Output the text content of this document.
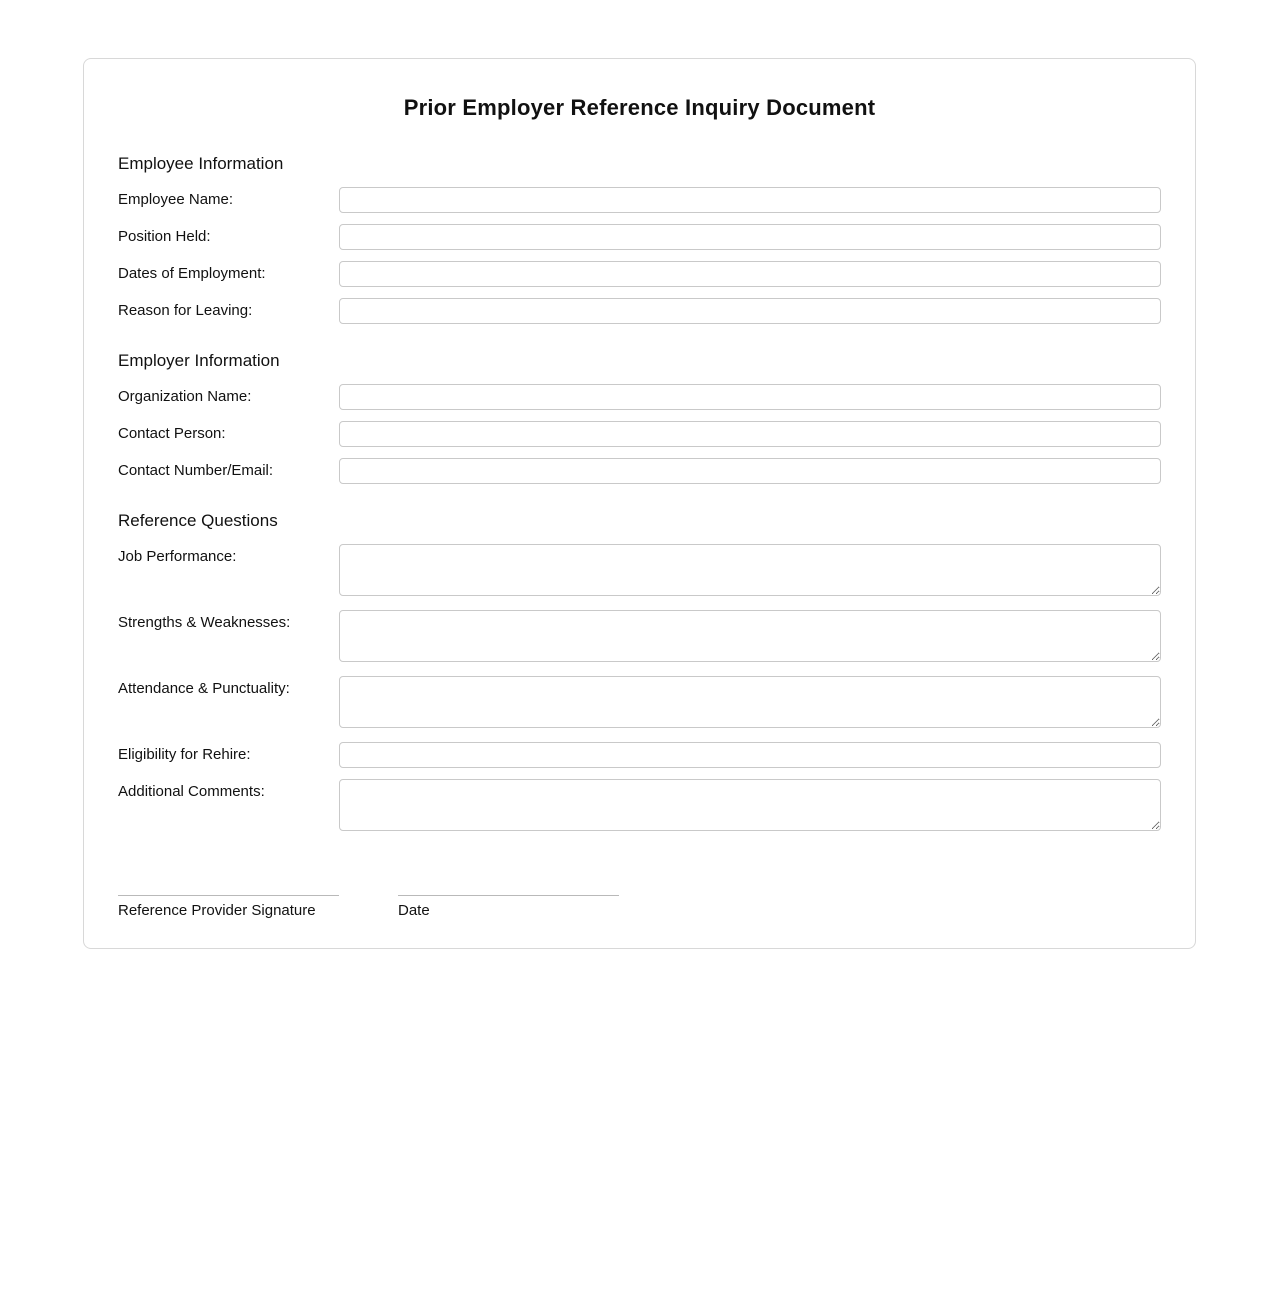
Prior Employer Reference Inquiry Document
Employee Information
Employee Name:
Position Held:
Dates of Employment:
Reason for Leaving:
Employer Information
Organization Name:
Contact Person:
Contact Number/Email:
Reference Questions
Job Performance:
Strengths & Weaknesses:
Attendance & Punctuality:
Eligibility for Rehire:
Additional Comments:
Reference Provider Signature	Date
